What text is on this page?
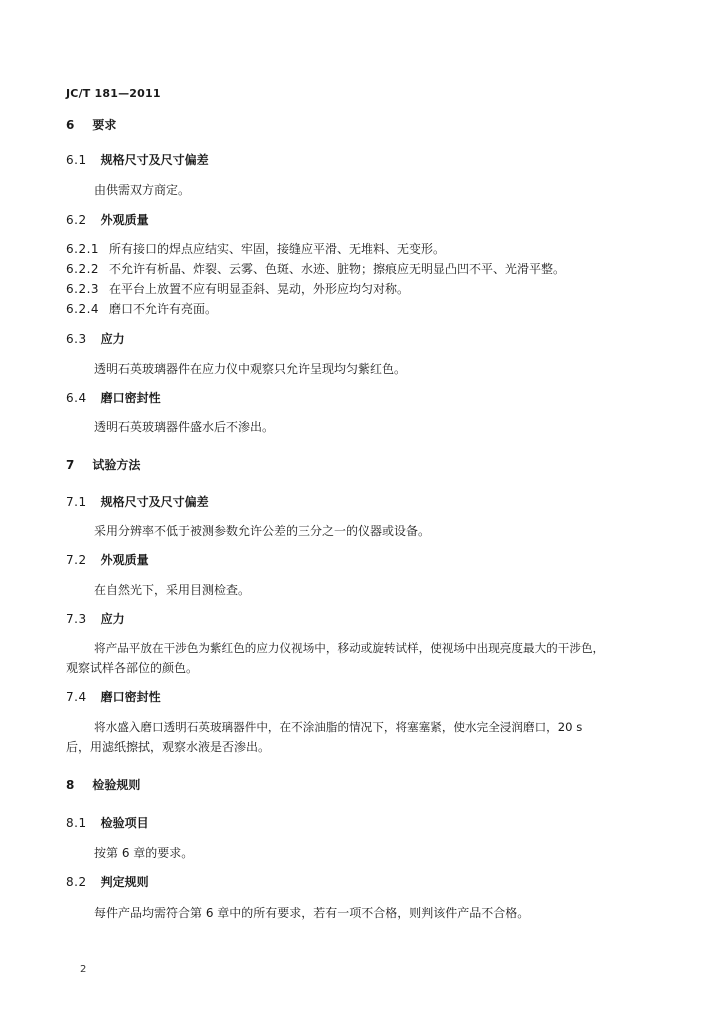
JC/T 181—2011
6 要求
6.1 规格尺寸及尺寸偏差
由供需双方商定。
6.2 外观质量
6.2.1 所有接口的焊点应结实、牢固，接缝应平滑、无堆料、无变形。
6.2.2 不允许有析晶、炸裂、云雾、色斑、水迹、脏物；擦痕应无明显凸凹不平、光滑平整。
6.2.3 在平台上放置不应有明显歪斜、晃动，外形应均匀对称。
6.2.4 磨口不允许有亮面。
6.3 应力
透明石英玻璃器件在应力仪中观察只允许呈现均匀紫红色。
6.4 磨口密封性
透明石英玻璃器件盛水后不渗出。
7 试验方法
7.1 规格尺寸及尺寸偏差
采用分辨率不低于被测参数允许公差的三分之一的仪器或设备。
7.2 外观质量
在自然光下，采用目测检查。
7.3 应力
将产品平放在干涉色为紫红色的应力仪视场中，移动或旋转试样，使视场中出现亮度最大的干涉色，
观察试样各部位的颜色。
7.4 磨口密封性
将水盛入磨口透明石英玻璃器件中，在不涂油脂的情况下，将塞塞紧，使水完全浸润磨口，20 s
后，用滤纸擦拭，观察水液是否渗出。
8 检验规则
8.1 检验项目
按第 6 章的要求。
8.2 判定规则
每件产品均需符合第 6 章中的所有要求，若有一项不合格，则判该件产品不合格。
2
